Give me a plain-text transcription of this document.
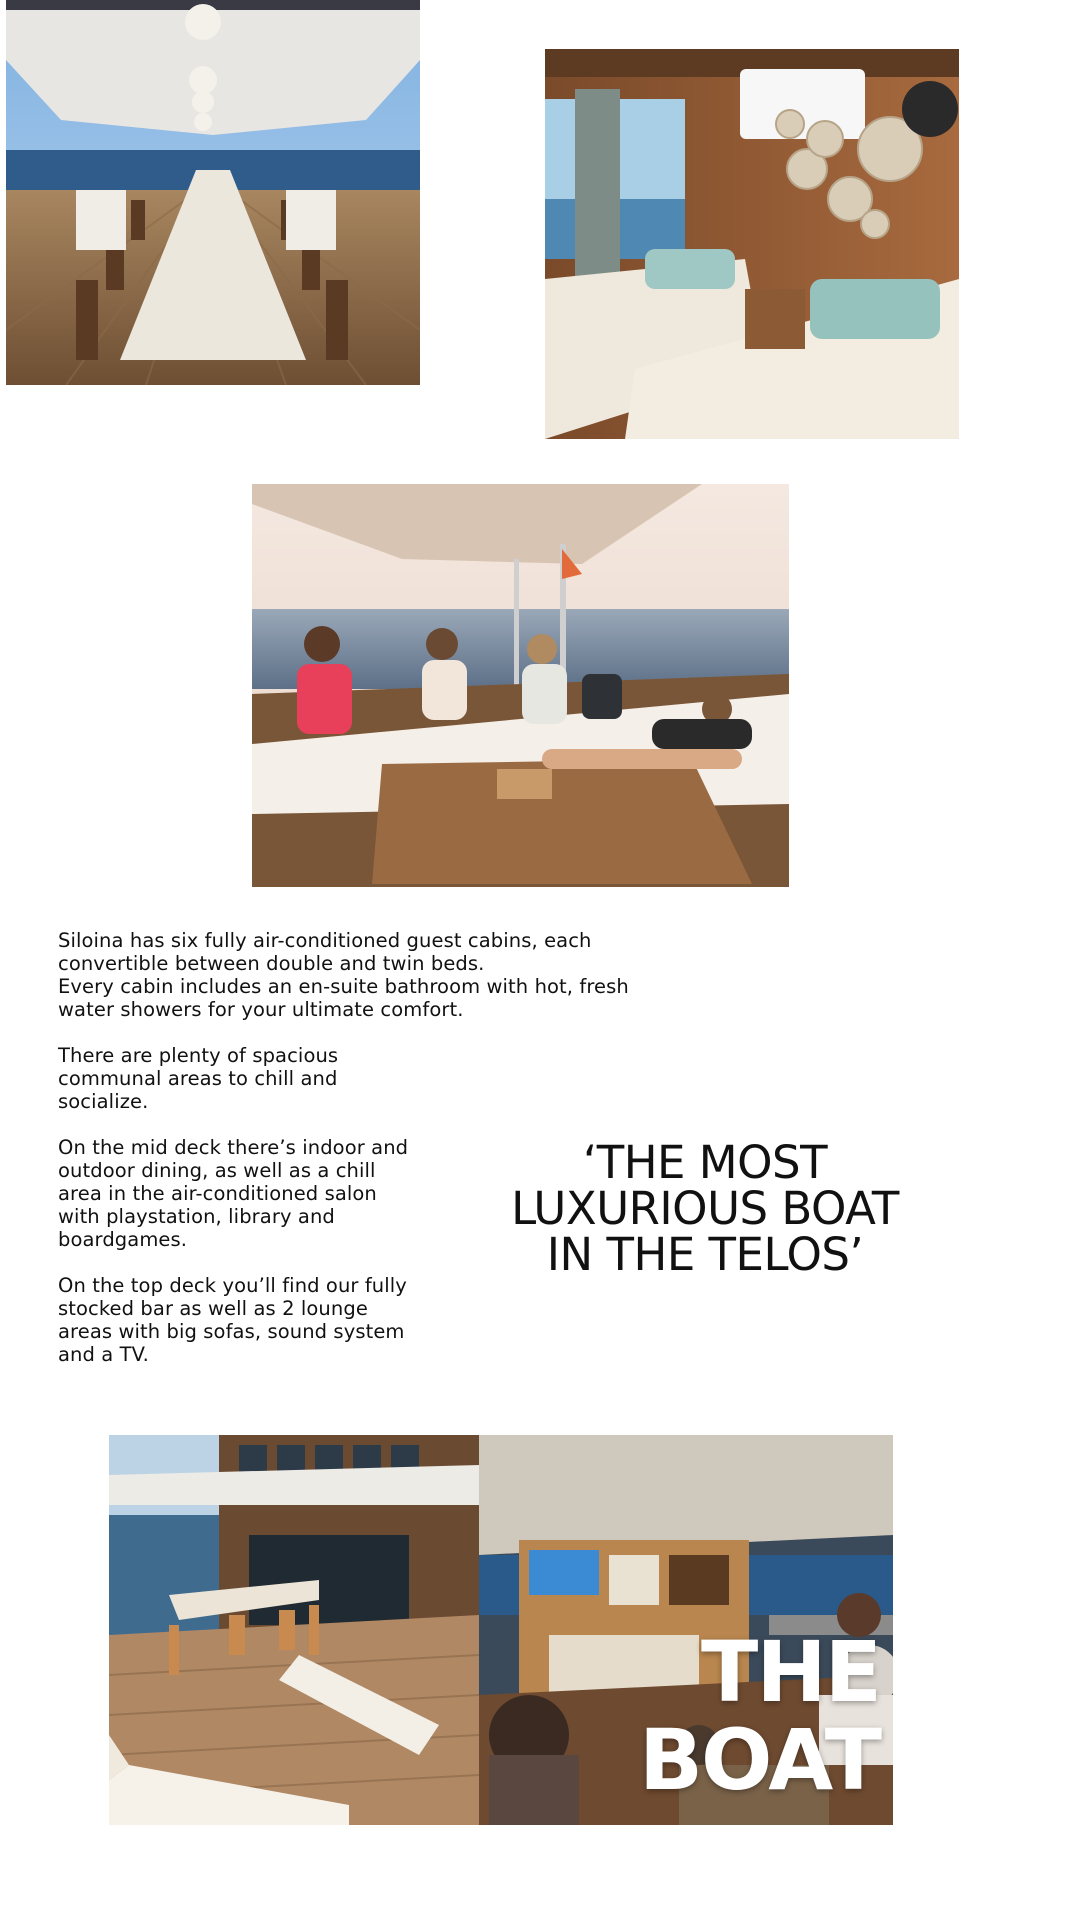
Siloina has six fully air-conditioned guest cabins, each convertible between double and twin beds.
Every cabin includes an en-suite bathroom with hot, fresh water showers for your ultimate comfort.

There are plenty of spacious communal areas to chill and socialize.

On the mid deck there’s indoor and outdoor dining, as well as a chill area in the air-conditioned salon with playstation, library and boardgames.

On the top deck you’ll find our fully stocked bar as well as 2 lounge areas with big sofas, sound system and a TV.

‘THE MOST
LUXURIOUS BOAT
IN THE TELOS’
THE
BOAT
